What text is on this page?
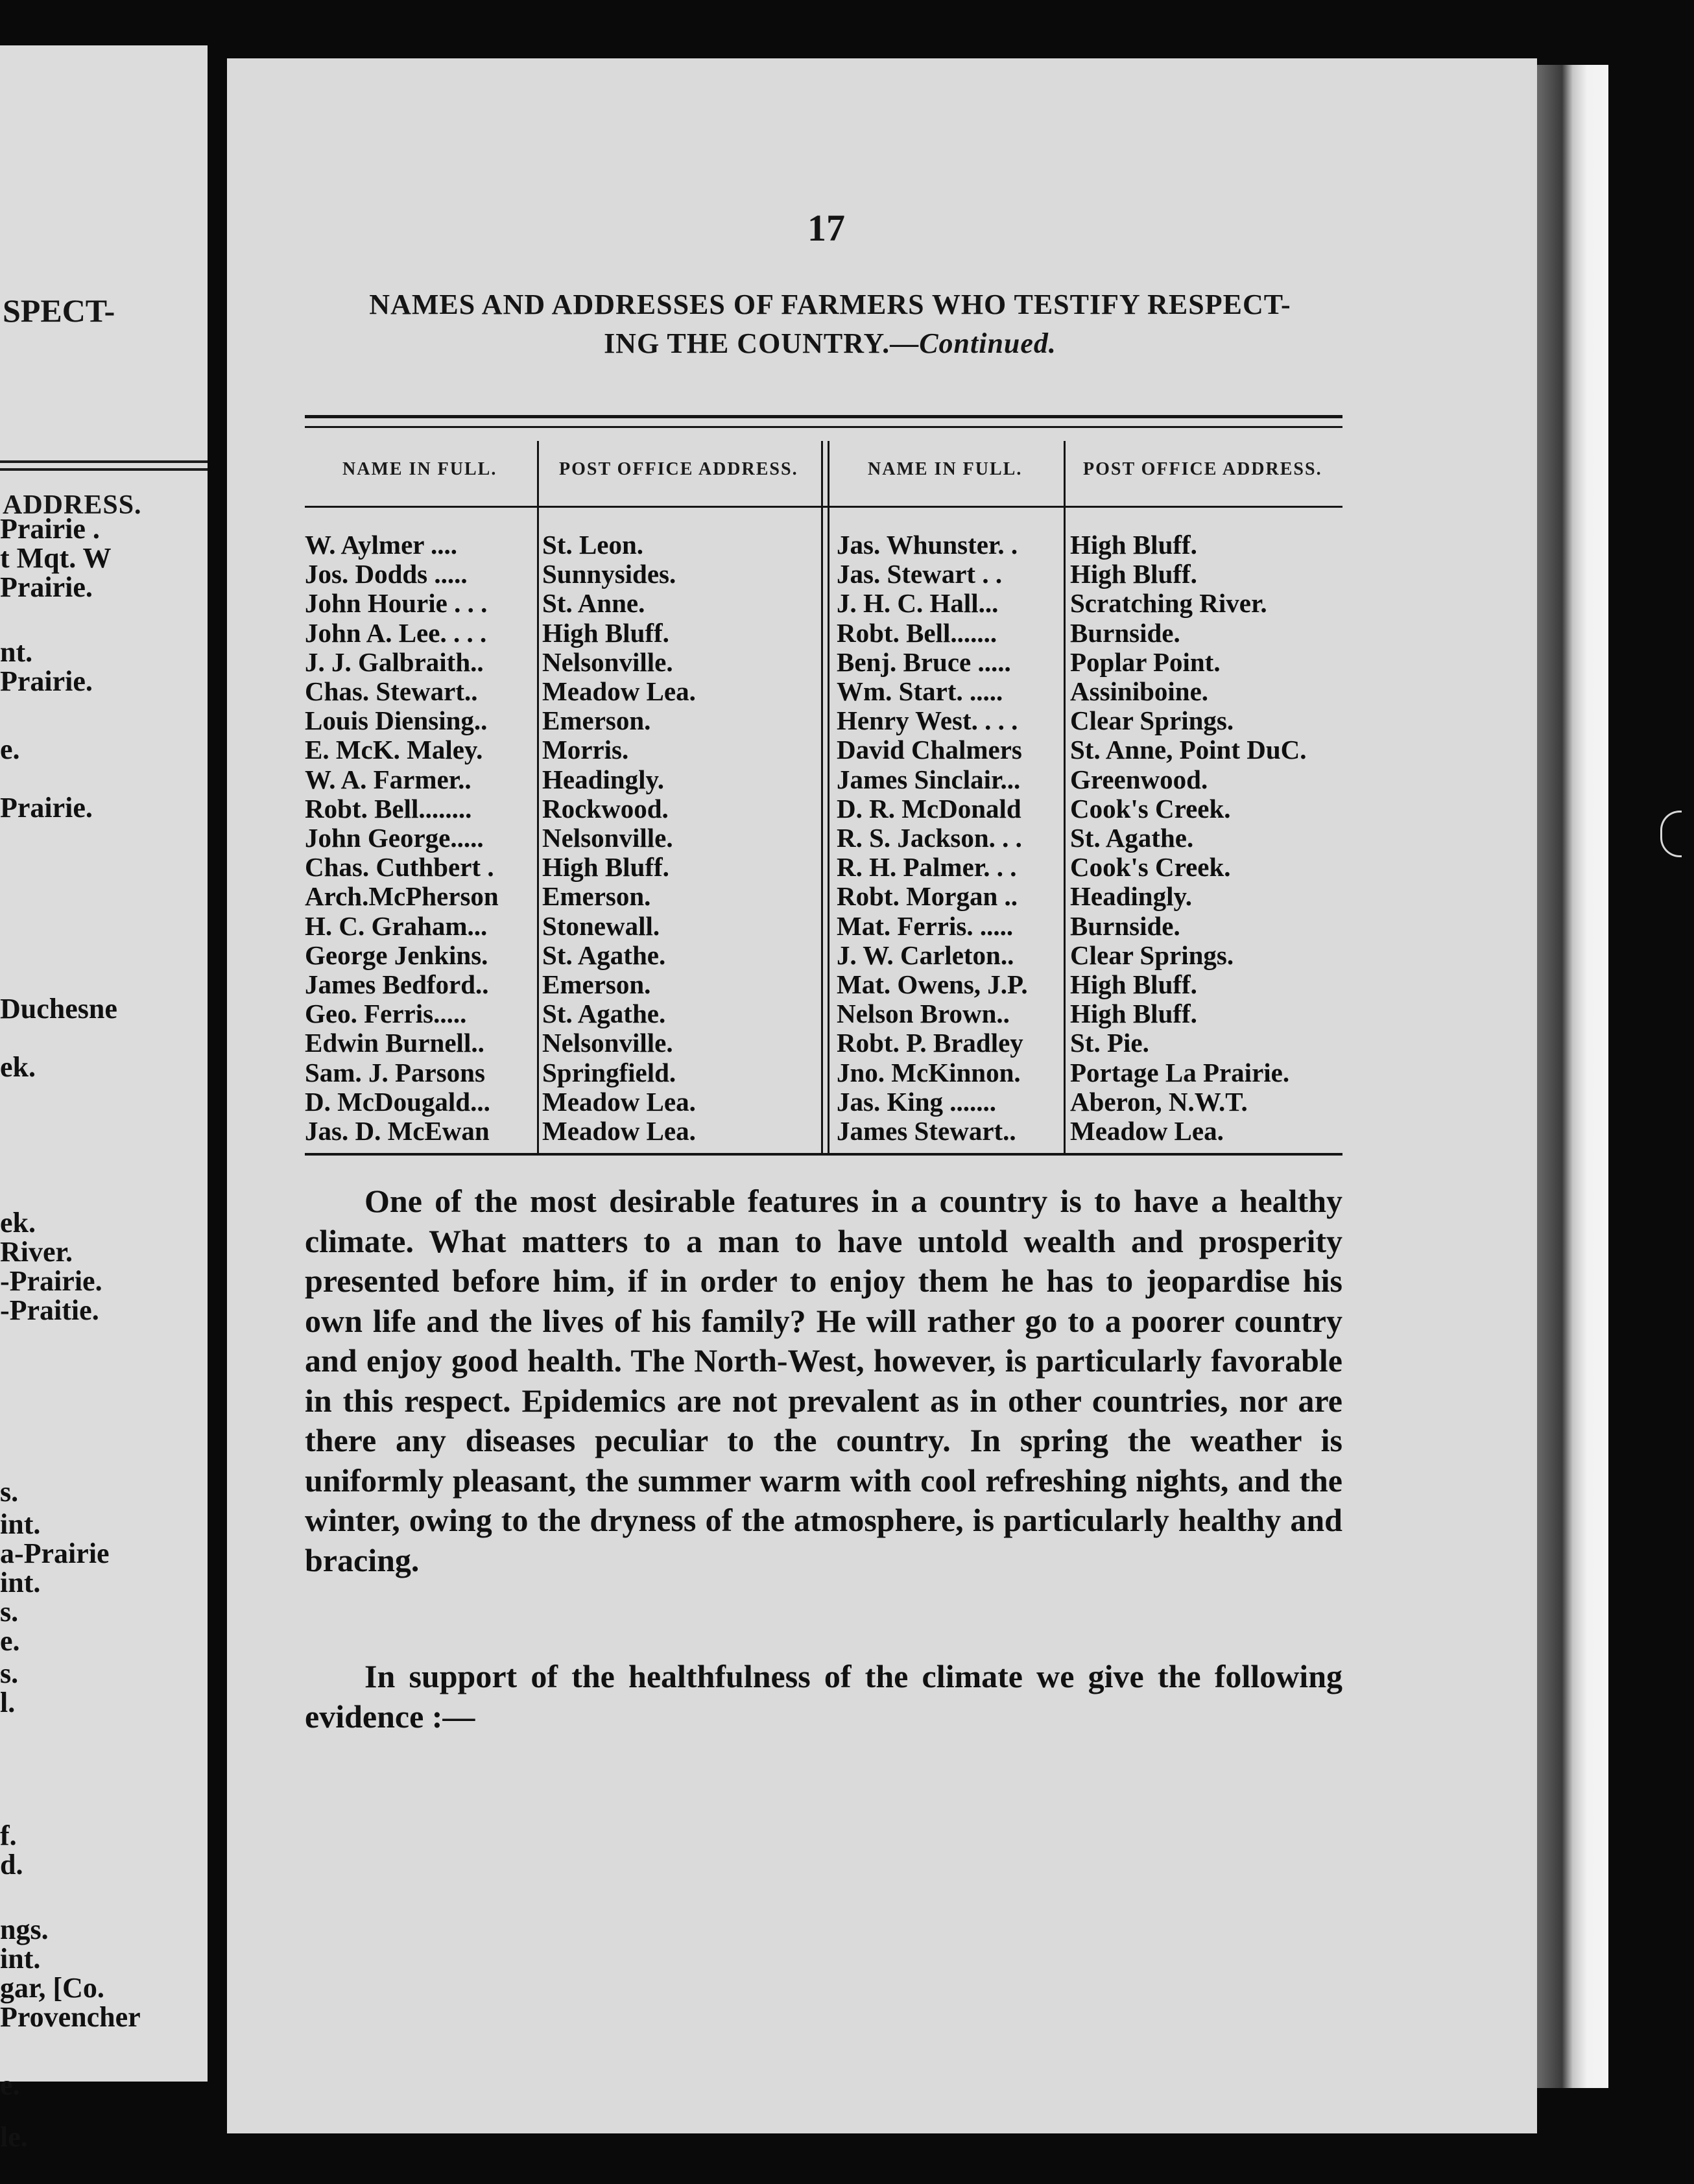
SPECT-
ADDRESS.
Prairie .
t Mqt. W
Prairie.
nt.
Prairie.
e.
Prairie.
Duchesne
ek.
ek.
River.
-Prairie.
-Praitie.
s.
int.
a-Prairie
int.
s.
e.
s.
l.
f.
d.
ngs.
int.
gar, [Co.
Provencher
e.
le.
17
NAMES AND ADDRESSES OF FARMERS WHO TESTIFY RESPECT-
ING THE COUNTRY.—Continued.
NAME IN FULL.	POST OFFICE ADDRESS.	NAME IN FULL.	POST OFFICE ADDRESS.
W. Aylmer ....	St. Leon.	Jas. Whunster. . High Bluff.
Jos. Dodds .....	Sunnysides.	Jas. Stewart . .	High Bluff.
John Hourie . . . St. Anne.	J. H. C. Hall...	Scratching River.
John A. Lee. . . . High Bluff.	Robt. Bell.......	Burnside.
J. J. Galbraith.. Nelsonville.	Benj. Bruce ..... Poplar Point.
Chas. Stewart.. Meadow Lea.	Wm. Start. .....	Assiniboine.
Louis Diensing.. Emerson.	Henry West. . . . Clear Springs.
E. McK. Maley. Morris.	David Chalmers St. Anne, Point DuC.
W. A. Farmer..	Headingly.	James Sinclair... Greenwood.
Robt. Bell........	Rockwood.	D. R. McDonald Cook's Creek.
John George..... Nelsonville.	R. S. Jackson. . . St. Agathe.
Chas. Cuthbert . High Bluff.	R. H. Palmer. . . Cook's Creek.
Arch.McPherson Emerson.	Robt. Morgan .. Headingly.
H. C. Graham... Stonewall.	Mat. Ferris. ..... Burnside.
George Jenkins. St. Agathe.	J. W. Carleton.. Clear Springs.
James Bedford.. Emerson.	Mat. Owens, J.P. High Bluff.
Geo. Ferris.....	St. Agathe.	Nelson Brown.. High Bluff.
Edwin Burnell.. Nelsonville.	Robt. P. Bradley St. Pie.
Sam. J. Parsons Springfield.	Jno. McKinnon. Portage La Prairie.
D. McDougald... Meadow Lea.	Jas. King .......	Aberon, N.W.T.
Jas. D. McEwan Meadow Lea.	James Stewart.. Meadow Lea.

One of the most desirable features in a country is to have a healthy climate. What matters to a man to have untold wealth and prosperity presented before him, if in order to enjoy them he has to jeopardise his own life and the lives of his family? He will rather go to a poorer country and enjoy good health. The North-West, however, is particularly favorable in this respect. Epidemics are not prevalent as in other countries, nor are there any diseases peculiar to the country. In spring the weather is uniformly pleasant, the summer warm with cool refreshing nights, and the winter, owing to the dryness of the atmosphere, is particularly healthy and bracing.

In support of the healthfulness of the climate we give the following evidence :—
